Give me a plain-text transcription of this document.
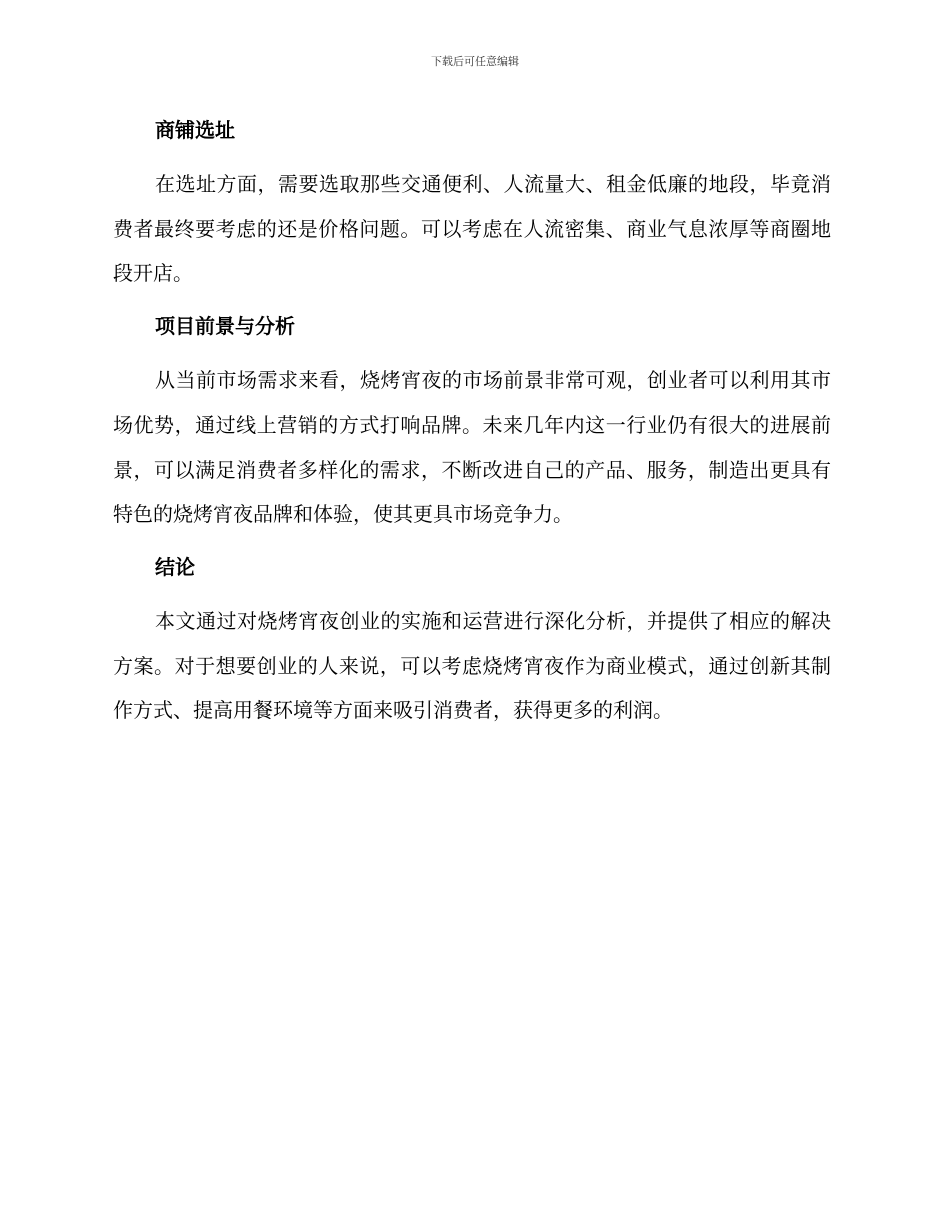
下载后可任意编辑
商铺选址

在选址方面，需要选取那些交通便利、人流量大、租金低廉的地段，毕竟消费者最终要考虑的还是价格问题。可以考虑在人流密集、商业气息浓厚等商圈地段开店。

项目前景与分析

从当前市场需求来看，烧烤宵夜的市场前景非常可观，创业者可以利用其市场优势，通过线上营销的方式打响品牌。未来几年内这一行业仍有很大的进展前景，可以满足消费者多样化的需求，不断改进自己的产品、服务，制造出更具有特色的烧烤宵夜品牌和体验，使其更具市场竞争力。

结论

本文通过对烧烤宵夜创业的实施和运营进行深化分析，并提供了相应的解决方案。对于想要创业的人来说，可以考虑烧烤宵夜作为商业模式，通过创新其制作方式、提高用餐环境等方面来吸引消费者，获得更多的利润。
